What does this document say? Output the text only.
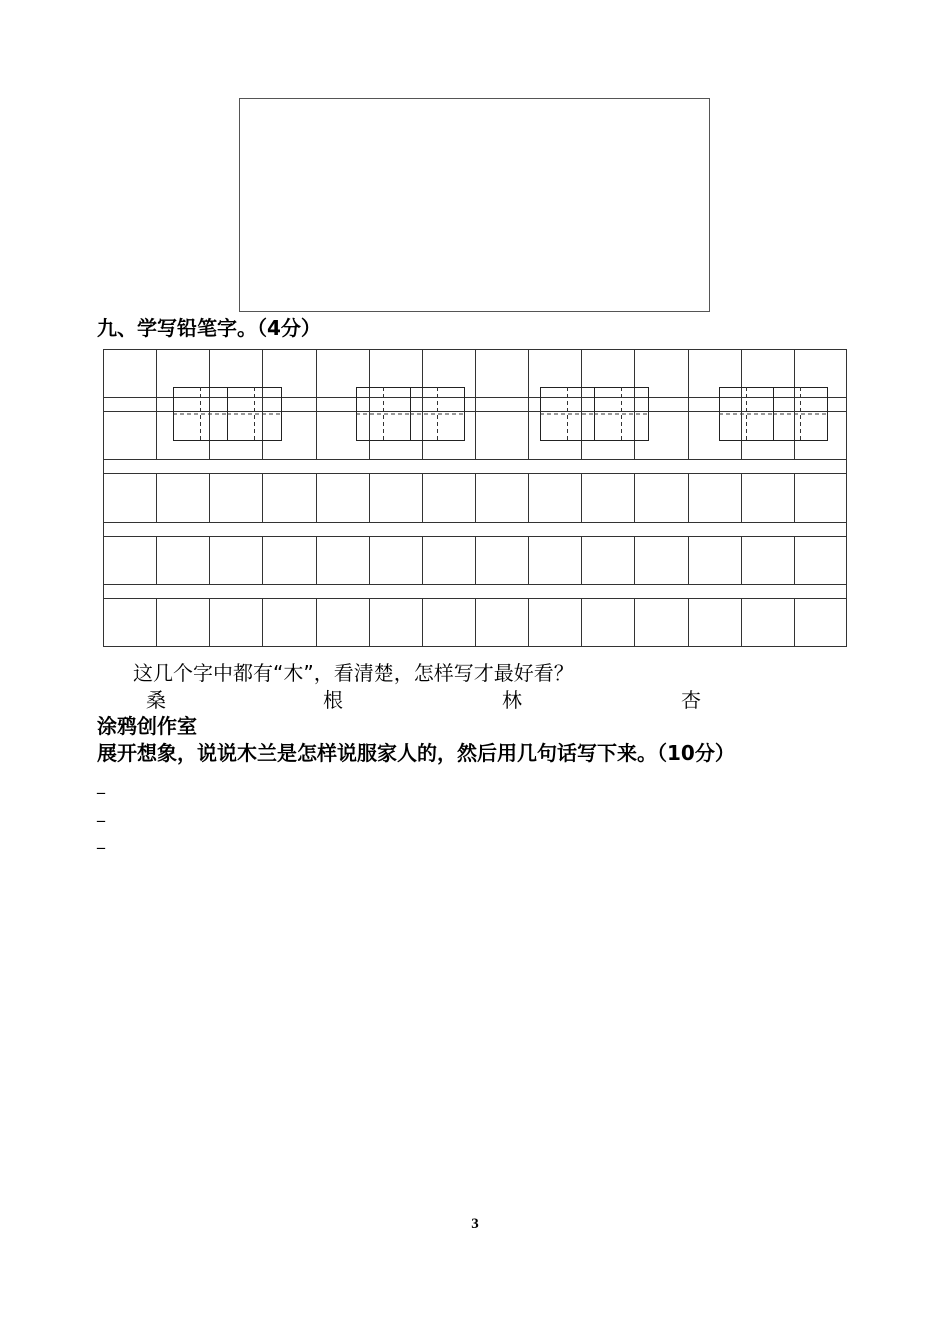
九、学写铅笔字。（4分）
这几个字中都有“木”，看清楚，怎样写才最好看？
桑	根	林	杏
涂鸦创作室
展开想象，说说木兰是怎样说服家人的，然后用几句话写下来。（10分）
_
_
_
3
